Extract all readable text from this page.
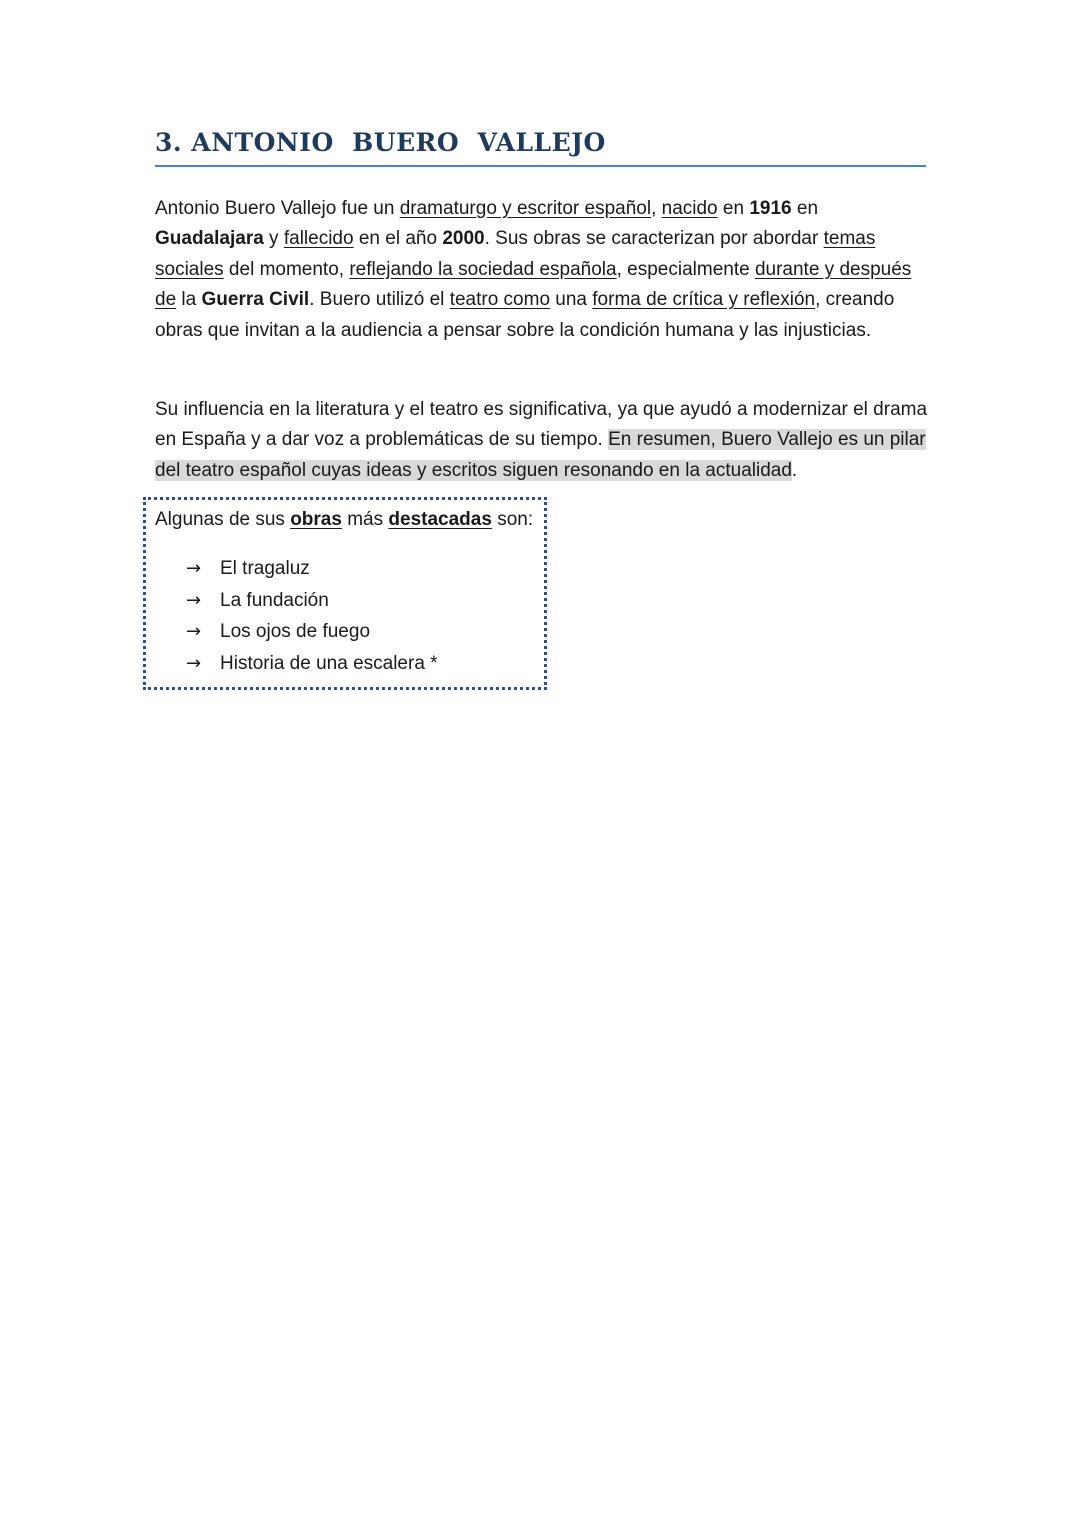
3. ANTONIO  BUERO  VALLEJO

Antonio Buero Vallejo fue un dramaturgo y escritor español, nacido en 1916 en Guadalajara y fallecido en el año 2000. Sus obras se caracterizan por abordar temas sociales del momento, reflejando la sociedad española, especialmente durante y después de la Guerra Civil. Buero utilizó el teatro como una forma de crítica y reflexión, creando obras que invitan a la audiencia a pensar sobre la condición humana y las injusticias.

Su influencia en la literatura y el teatro es significativa, ya que ayudó a modernizar el drama en España y a dar voz a problemáticas de su tiempo. En resumen, Buero Vallejo es un pilar del teatro español cuyas ideas y escritos siguen resonando en la actualidad.

Algunas de sus obras más destacadas son:

→ El tragaluz
→ La fundación
→ Los ojos de fuego
→ Historia de una escalera *
